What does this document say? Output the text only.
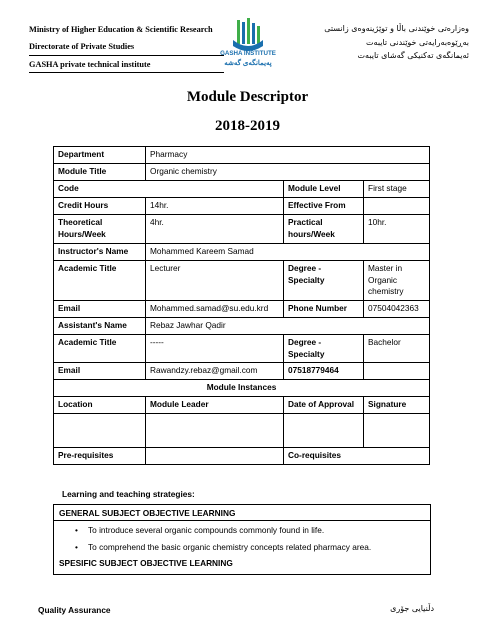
Ministry of Higher Education & Scientific Research
Directorate of Private Studies
GASHA private technical institute
GASHA INSTITUTE
پەیمانگەی گەشە
وەزارەتی خوێندنی باڵا و توێژینەوەی زانستی
بەڕێوەبەرایەتی خوێندنی تایبەت
ئەیمانگەی تەکنیکی گەشای تایبەت
Module Descriptor
2018-2019
Department	Pharmacy		
Module Title	Organic chemistry		
Code		Module Level	First stage
Credit Hours	14hr.	Effective From	
Theoretical Hours/Week	4hr.	Practical hours/Week	10hr.
Instructor's Name	Mohammed Kareem Samad		
Academic Title	Lecturer	Degree - Specialty	Master in Organic chemistry
Email	Mohammed.samad@su.edu.krd	Phone Number	07504042363
Assistant's Name	Rebaz Jawhar Qadir		
Academic Title	-----	Degree - Specialty	Bachelor
Email	Rawandzy.rebaz@gmail.com	07518779464	
Module Instances			
Location	Module Leader	Date of Approval	Signature

Pre-requisites		Co-requisites	
Learning and teaching strategies:
GENERAL SUBJECT OBJECTIVE LEARNING
• To introduce several organic compounds commonly found in life.
• To comprehend the basic organic chemistry concepts related pharmacy area.
SPESIFIC SUBJECT OBJECTIVE LEARNING
Quality Assurance	دڵنیایی جۆری
